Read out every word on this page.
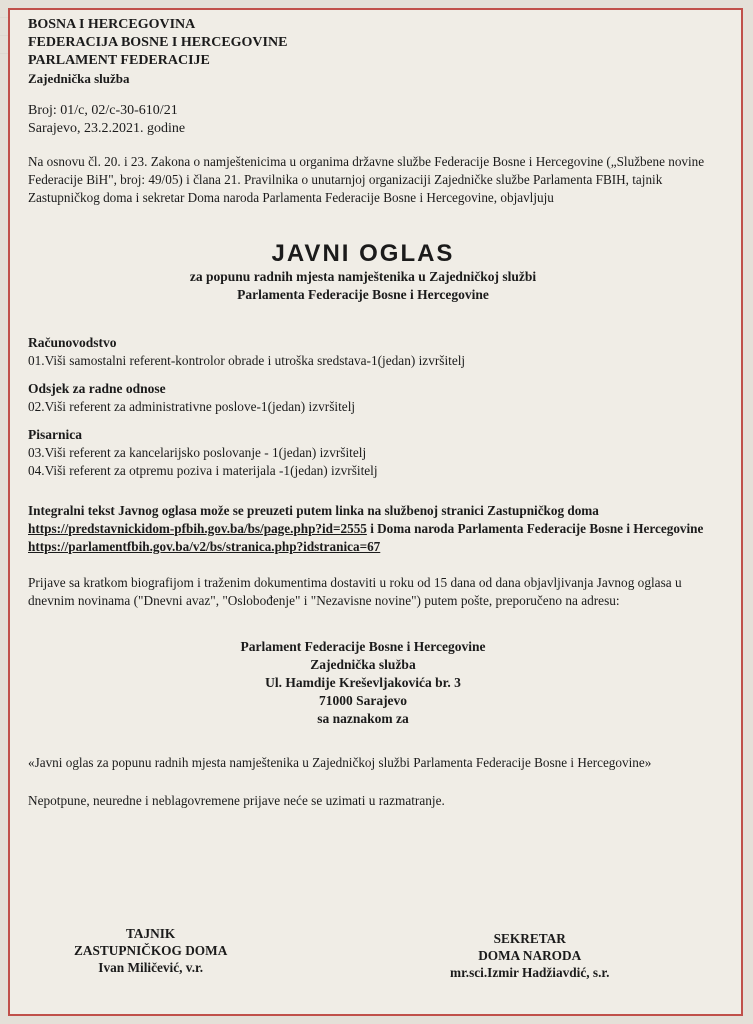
BOSNA I HERCEGOVINA
FEDERACIJA BOSNE I HERCEGOVINE
PARLAMENT FEDERACIJE
Zajednička služba
Broj: 01/c, 02/c-30-610/21
Sarajevo, 23.2.2021. godine
Na osnovu čl. 20. i 23. Zakona o namještenicima u organima državne službe Federacije Bosne i Hercegovine („Službene novine Federacije BiH", broj: 49/05) i člana 21. Pravilnika o unutarnjoj organizaciji Zajedničke službe Parlamenta FBIH, tajnik Zastupničkog doma i sekretar Doma naroda Parlamenta Federacije Bosne i Hercegovine, objavljuju
JAVNI OGLAS
za popunu radnih mjesta namještenika u Zajedničkoj službi
Parlamenta Federacije Bosne i Hercegovine
Računovodstvo
01.Viši samostalni referent-kontrolor obrade i utroška sredstava-1(jedan) izvršitelj
Odsjek za radne odnose
02.Viši referent za administrativne poslove-1(jedan) izvršitelj
Pisarnica
03.Viši referent za kancelarijsko poslovanje - 1(jedan) izvršitelj
04.Viši referent za otpremu poziva i materijala -1(jedan) izvršitelj
Integralni tekst Javnog oglasa može se preuzeti putem linka na službenoj stranici Zastupničkog doma https://predstavnickidom-pfbih.gov.ba/bs/page.php?id=2555 i Doma naroda Parlamenta Federacije Bosne i Hercegovine https://parlamentfbih.gov.ba/v2/bs/stranica.php?idstranica=67
Prijave sa kratkom biografijom i traženim dokumentima dostaviti u roku od 15 dana od dana objavljivanja Javnog oglasa u dnevnim novinama ("Dnevni avaz", "Oslobođenje" i "Nezavisne novine") putem pošte, preporučeno na adresu:
Parlament Federacije Bosne i Hercegovine
Zajednička služba
Ul. Hamdije Kreševljakovića br. 3
71000 Sarajevo
sa naznakom za
«Javni oglas za popunu radnih mjesta namještenika u Zajedničkoj službi Parlamenta Federacije Bosne i Hercegovine»
Nepotpune, neuredne i neblagovremene prijave neće se uzimati u razmatranje.
TAJNIK
ZASTUPNIČKOG DOMA
Ivan Miličević, v.r.
SEKRETAR
DOMA NARODA
mr.sci.Izmir Hadžiavdić, s.r.
